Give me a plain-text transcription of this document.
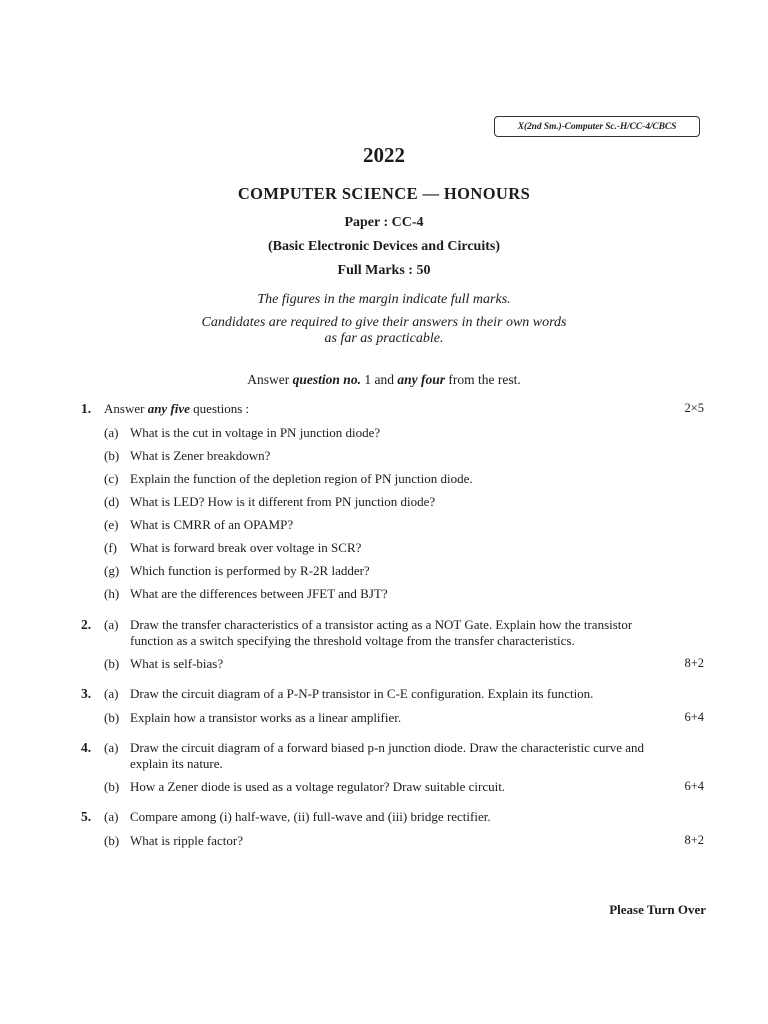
X(2nd Sm.)-Computer Sc.-H/CC-4/CBCS
2022
COMPUTER SCIENCE — HONOURS
Paper : CC-4
(Basic Electronic Devices and Circuits)
Full Marks : 50
The figures in the margin indicate full marks.
Candidates are required to give their answers in their own words
as far as practicable.
Answer question no. 1 and any four from the rest.
1. Answer any five questions :	2×5
(a) What is the cut in voltage in PN junction diode?
(b) What is Zener breakdown?
(c) Explain the function of the depletion region of PN junction diode.
(d) What is LED? How is it different from PN junction diode?
(e) What is CMRR of an OPAMP?
(f) What is forward break over voltage in SCR?
(g) Which function is performed by R-2R ladder?
(h) What are the differences between JFET and BJT?
2. (a) Draw the transfer characteristics of a transistor acting as a NOT Gate. Explain how the transistor
function as a switch specifying the threshold voltage from the transfer characteristics.
(b) What is self-bias?	8+2
3. (a) Draw the circuit diagram of a P-N-P transistor in C-E configuration. Explain its function.
(b) Explain how a transistor works as a linear amplifier.	6+4
4. (a) Draw the circuit diagram of a forward biased p-n junction diode. Draw the characteristic curve and
explain its nature.
(b) How a Zener diode is used as a voltage regulator? Draw suitable circuit.	6+4
5. (a) Compare among (i) half-wave, (ii) full-wave and (iii) bridge rectifier.
(b) What is ripple factor?	8+2
Please Turn Over
